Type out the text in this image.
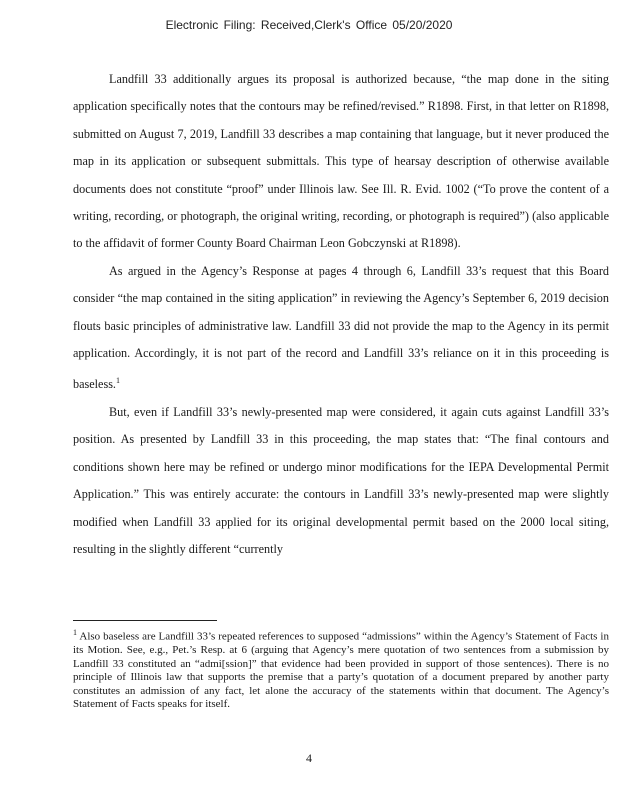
Electronic Filing: Received,Clerk's Office 05/20/2020

Landfill 33 additionally argues its proposal is authorized because, “the map done in the siting application specifically notes that the contours may be refined/revised.” R1898. First, in that letter on R1898, submitted on August 7, 2019, Landfill 33 describes a map containing that language, but it never produced the map in its application or subsequent submittals. This type of hearsay description of otherwise available documents does not constitute “proof” under Illinois law. See Ill. R. Evid. 1002 (“To prove the content of a writing, recording, or photograph, the original writing, recording, or photograph is required”) (also applicable to the affidavit of former County Board Chairman Leon Gobczynski at R1898).

As argued in the Agency’s Response at pages 4 through 6, Landfill 33’s request that this Board consider “the map contained in the siting application” in reviewing the Agency’s September 6, 2019 decision flouts basic principles of administrative law. Landfill 33 did not provide the map to the Agency in its permit application. Accordingly, it is not part of the record and Landfill 33’s reliance on it in this proceeding is baseless.$^1$

But, even if Landfill 33’s newly-presented map were considered, it again cuts against Landfill 33’s position. As presented by Landfill 33 in this proceeding, the map states that: “The final contours and conditions shown here may be refined or undergo minor modifications for the IEPA Developmental Permit Application.” This was entirely accurate: the contours in Landfill 33’s newly-presented map were slightly modified when Landfill 33 applied for its original developmental permit based on the 2000 local siting, resulting in the slightly different “currently

$^1$ Also baseless are Landfill 33’s repeated references to supposed “admissions” within the Agency’s Statement of Facts in its Motion. See, e.g., Pet.’s Resp. at 6 (arguing that Agency’s mere quotation of two sentences from a submission by Landfill 33 constituted an “admi[ssion]” that evidence had been provided in support of those sentences). There is no principle of Illinois law that supports the premise that a party’s quotation of a document prepared by another party constitutes an admission of any fact, let alone the accuracy of the statements within that document. The Agency’s Statement of Facts speaks for itself.

4
